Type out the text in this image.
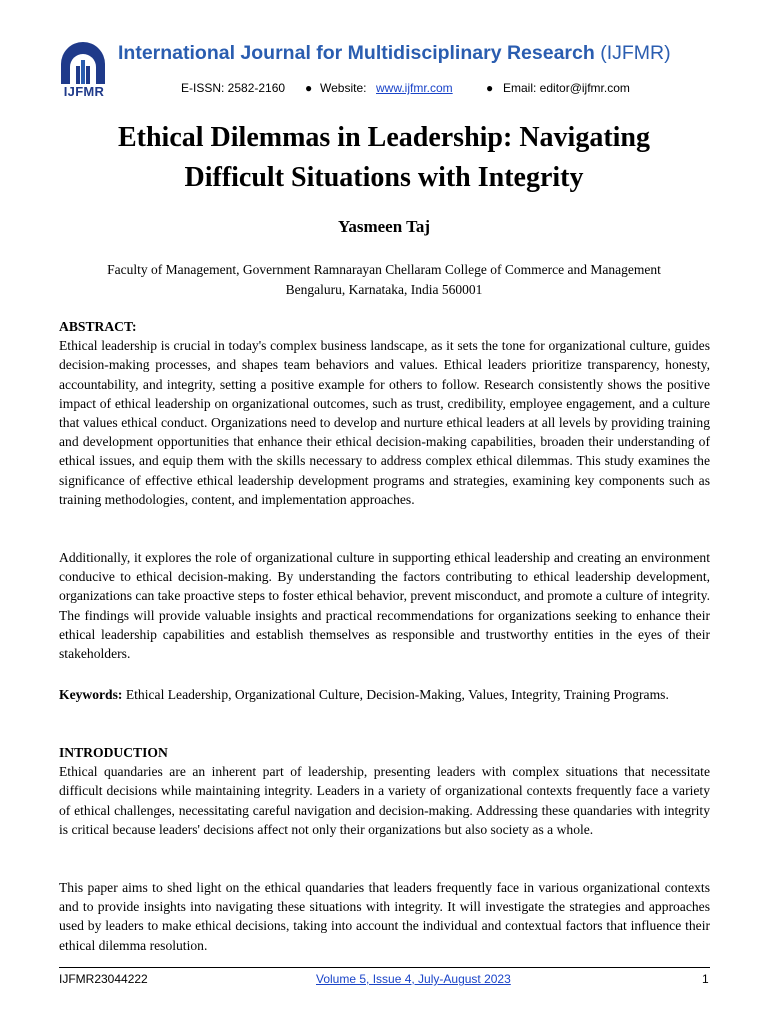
IJFMR
International Journal for Multidisciplinary Research (IJFMR)
E-ISSN: 2582-2160 ● Website: www.ijfmr.com	● Email: editor@ijfmr.com
Ethical Dilemmas in Leadership: Navigating
Difficult Situations with Integrity
Yasmeen Taj
Faculty of Management, Government Ramnarayan Chellaram College of Commerce and Management
Bengaluru, Karnataka, India 560001
ABSTRACT:
Ethical leadership is crucial in today's complex business landscape, as it sets the tone for organizational culture, guides decision-making processes, and shapes team behaviors and values. Ethical leaders prioritize transparency, honesty, accountability, and integrity, setting a positive example for others to follow. Research consistently shows the positive impact of ethical leadership on organizational outcomes, such as trust, credibility, employee engagement, and a culture that values ethical conduct. Organizations need to develop and nurture ethical leaders at all levels by providing training and development opportunities that enhance their ethical decision-making capabilities, broaden their understanding of ethical issues, and equip them with the skills necessary to address complex ethical dilemmas. This study examines the significance of effective ethical leadership development programs and strategies, examining key components such as training methodologies, content, and implementation approaches.
Additionally, it explores the role of organizational culture in supporting ethical leadership and creating an environment conducive to ethical decision-making. By understanding the factors contributing to ethical leadership development, organizations can take proactive steps to foster ethical behavior, prevent misconduct, and promote a culture of integrity. The findings will provide valuable insights and practical recommendations for organizations seeking to enhance their ethical leadership capabilities and establish themselves as responsible and trustworthy entities in the eyes of their stakeholders.
Keywords: Ethical Leadership, Organizational Culture, Decision-Making, Values, Integrity, Training Programs.
INTRODUCTION
Ethical quandaries are an inherent part of leadership, presenting leaders with complex situations that necessitate difficult decisions while maintaining integrity. Leaders in a variety of organizational contexts frequently face a variety of ethical challenges, necessitating careful navigation and decision-making. Addressing these quandaries with integrity is critical because leaders' decisions affect not only their organizations but also society as a whole.
This paper aims to shed light on the ethical quandaries that leaders frequently face in various organizational contexts and to provide insights into navigating these situations with integrity. It will investigate the strategies and approaches used by leaders to make ethical decisions, taking into account the individual and contextual factors that influence their ethical dilemma resolution.
IJFMR23044222	Volume 5, Issue 4, July-August 2023	1
